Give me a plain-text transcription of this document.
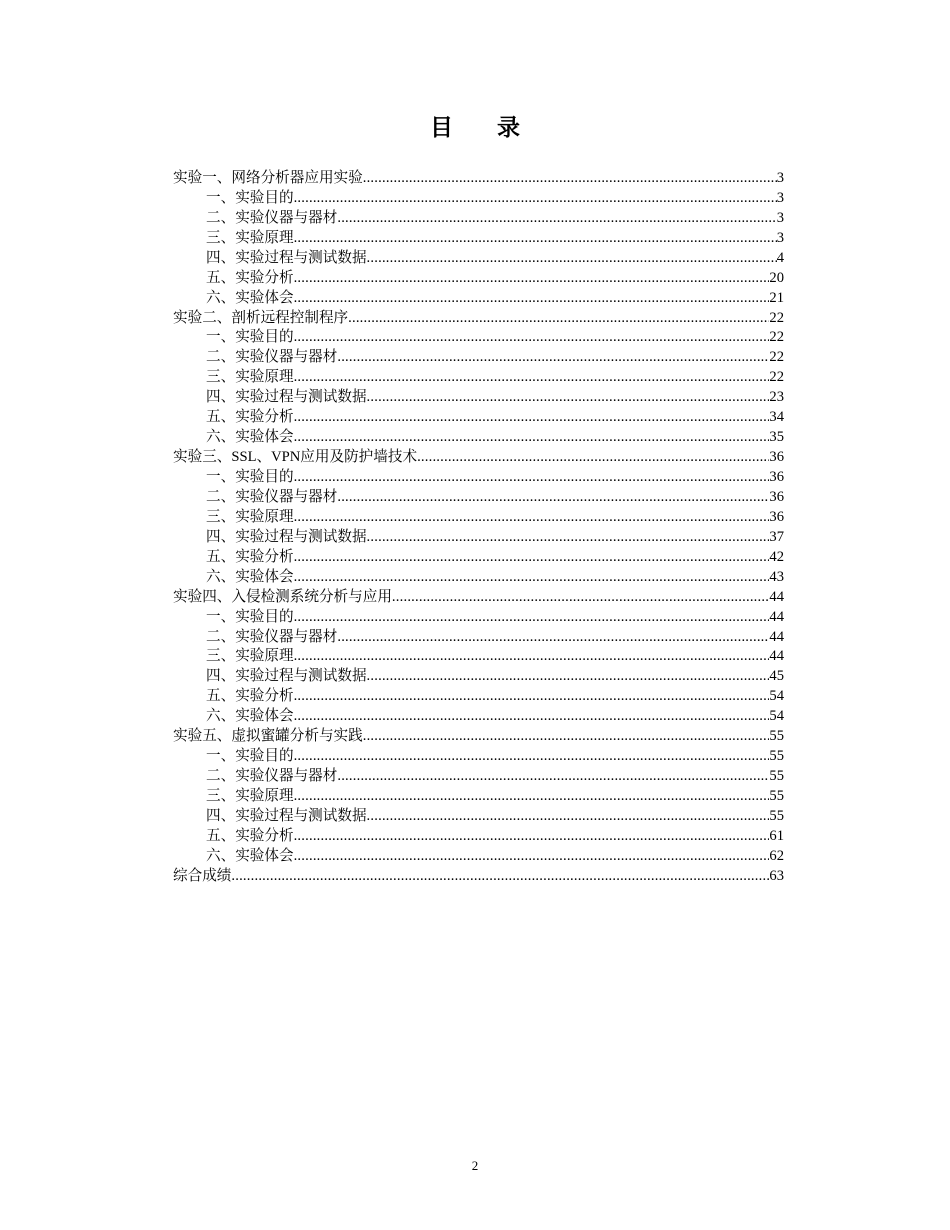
目录
实验一、网络分析器应用实验 .....	3
一、实验目的 .....	3
二、实验仪器与器材 .....	3
三、实验原理 .....	3
四、实验过程与测试数据 .....	4
五、实验分析 .....	20
六、实验体会 .....	21
实验二、剖析远程控制程序 .....	22
一、实验目的 .....	22
二、实验仪器与器材 .....	22
三、实验原理 .....	22
四、实验过程与测试数据 .....	23
五、实验分析 .....	34
六、实验体会 .....	35
实验三、SSL、VPN应用及防护墙技术 .....	36
一、实验目的 .....	36
二、实验仪器与器材 .....	36
三、实验原理 .....	36
四、实验过程与测试数据 .....	37
五、实验分析 .....	42
六、实验体会 .....	43
实验四、入侵检测系统分析与应用 .....	44
一、实验目的 .....	44
二、实验仪器与器材 .....	44
三、实验原理 .....	44
四、实验过程与测试数据 .....	45
五、实验分析 .....	54
六、实验体会 .....	54
实验五、虚拟蜜罐分析与实践 .....	55
一、实验目的 .....	55
二、实验仪器与器材 .....	55
三、实验原理 .....	55
四、实验过程与测试数据 .....	55
五、实验分析 .....	61
六、实验体会 .....	62
综合成绩 .....	63
2
